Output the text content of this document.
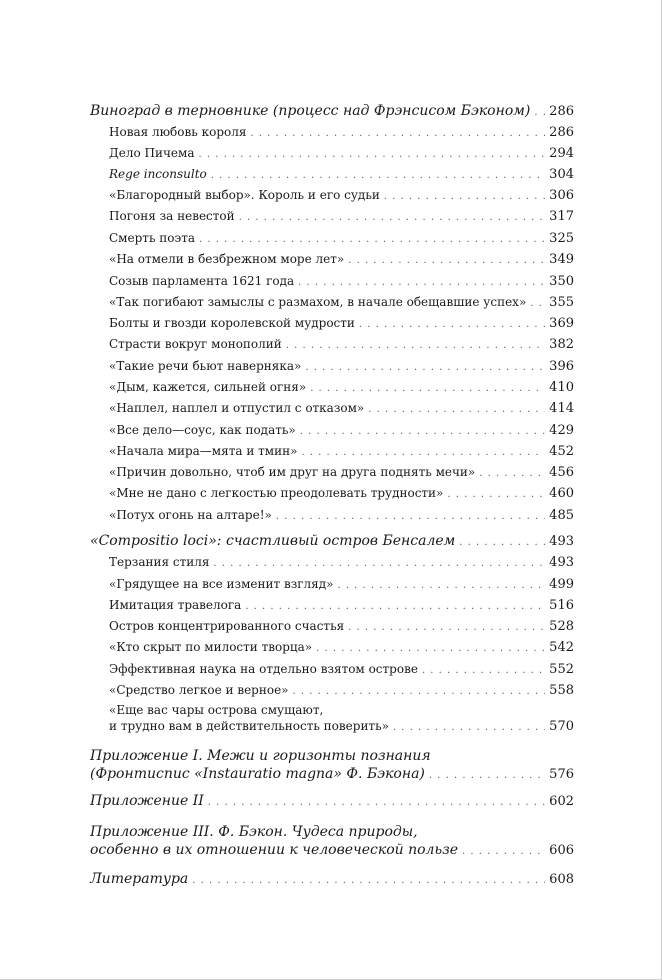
Виноград в терновнике (процесс над Фрэнсисом Бэконом) . . . 286
Новая любовь короля . . .	286
Дело Пичема . . .	294
Rege inconsulto . . .	304
«Благородный выбор». Король и его судьи . . .	306
Погоня за невестой . . .	317
Смерть поэта . . .	325
«На отмели в безбрежном море лет» . . .	349
Созыв парламента 1621 года . . .	350
«Так погибают замыслы с размахом, в начале обещавшие успех» . . . 355
Болты и гвозди королевской мудрости . . .	369
Страсти вокруг монополий . . .	382
«Такие речи бьют наверняка» . . .	396
«Дым, кажется, сильней огня» . . .	410
«Наплел, наплел и отпустил с отказом» . . .	414
«Все дело—соус, как подать» . . .	429
«Начала мира—мята и тмин» . . .	452
«Причин довольно, чтоб им друг на друга поднять мечи» . . .	456
«Мне не дано с легкостью преодолевать трудности» . . .	460
«Потух огонь на алтаре!» . . .	485
«Compositio loci»: счастливый остров Бенсалем . . .	493
Терзания стиля . . .	493
«Грядущее на все изменит взгляд» . . .	499
Имитация травелога . . .	516
Остров концентрированного счастья . . .	528
«Кто скрыт по милости творца» . . .	542
Эффективная наука на отдельно взятом острове . . .	552
«Средство легкое и верное» . . .	558
«Еще вас чары острова смущают,
и трудно вам в действительность поверить» . . .	570
Приложение I. Межи и горизонты познания
(Фронтиспис «Instauratio magna» Ф. Бэкона) . . .	576
Приложение II . . .	602
Приложение III. Ф. Бэкон. Чудеса природы,
особенно в их отношении к человеческой пользе . . .	606
Литература . . .	608
